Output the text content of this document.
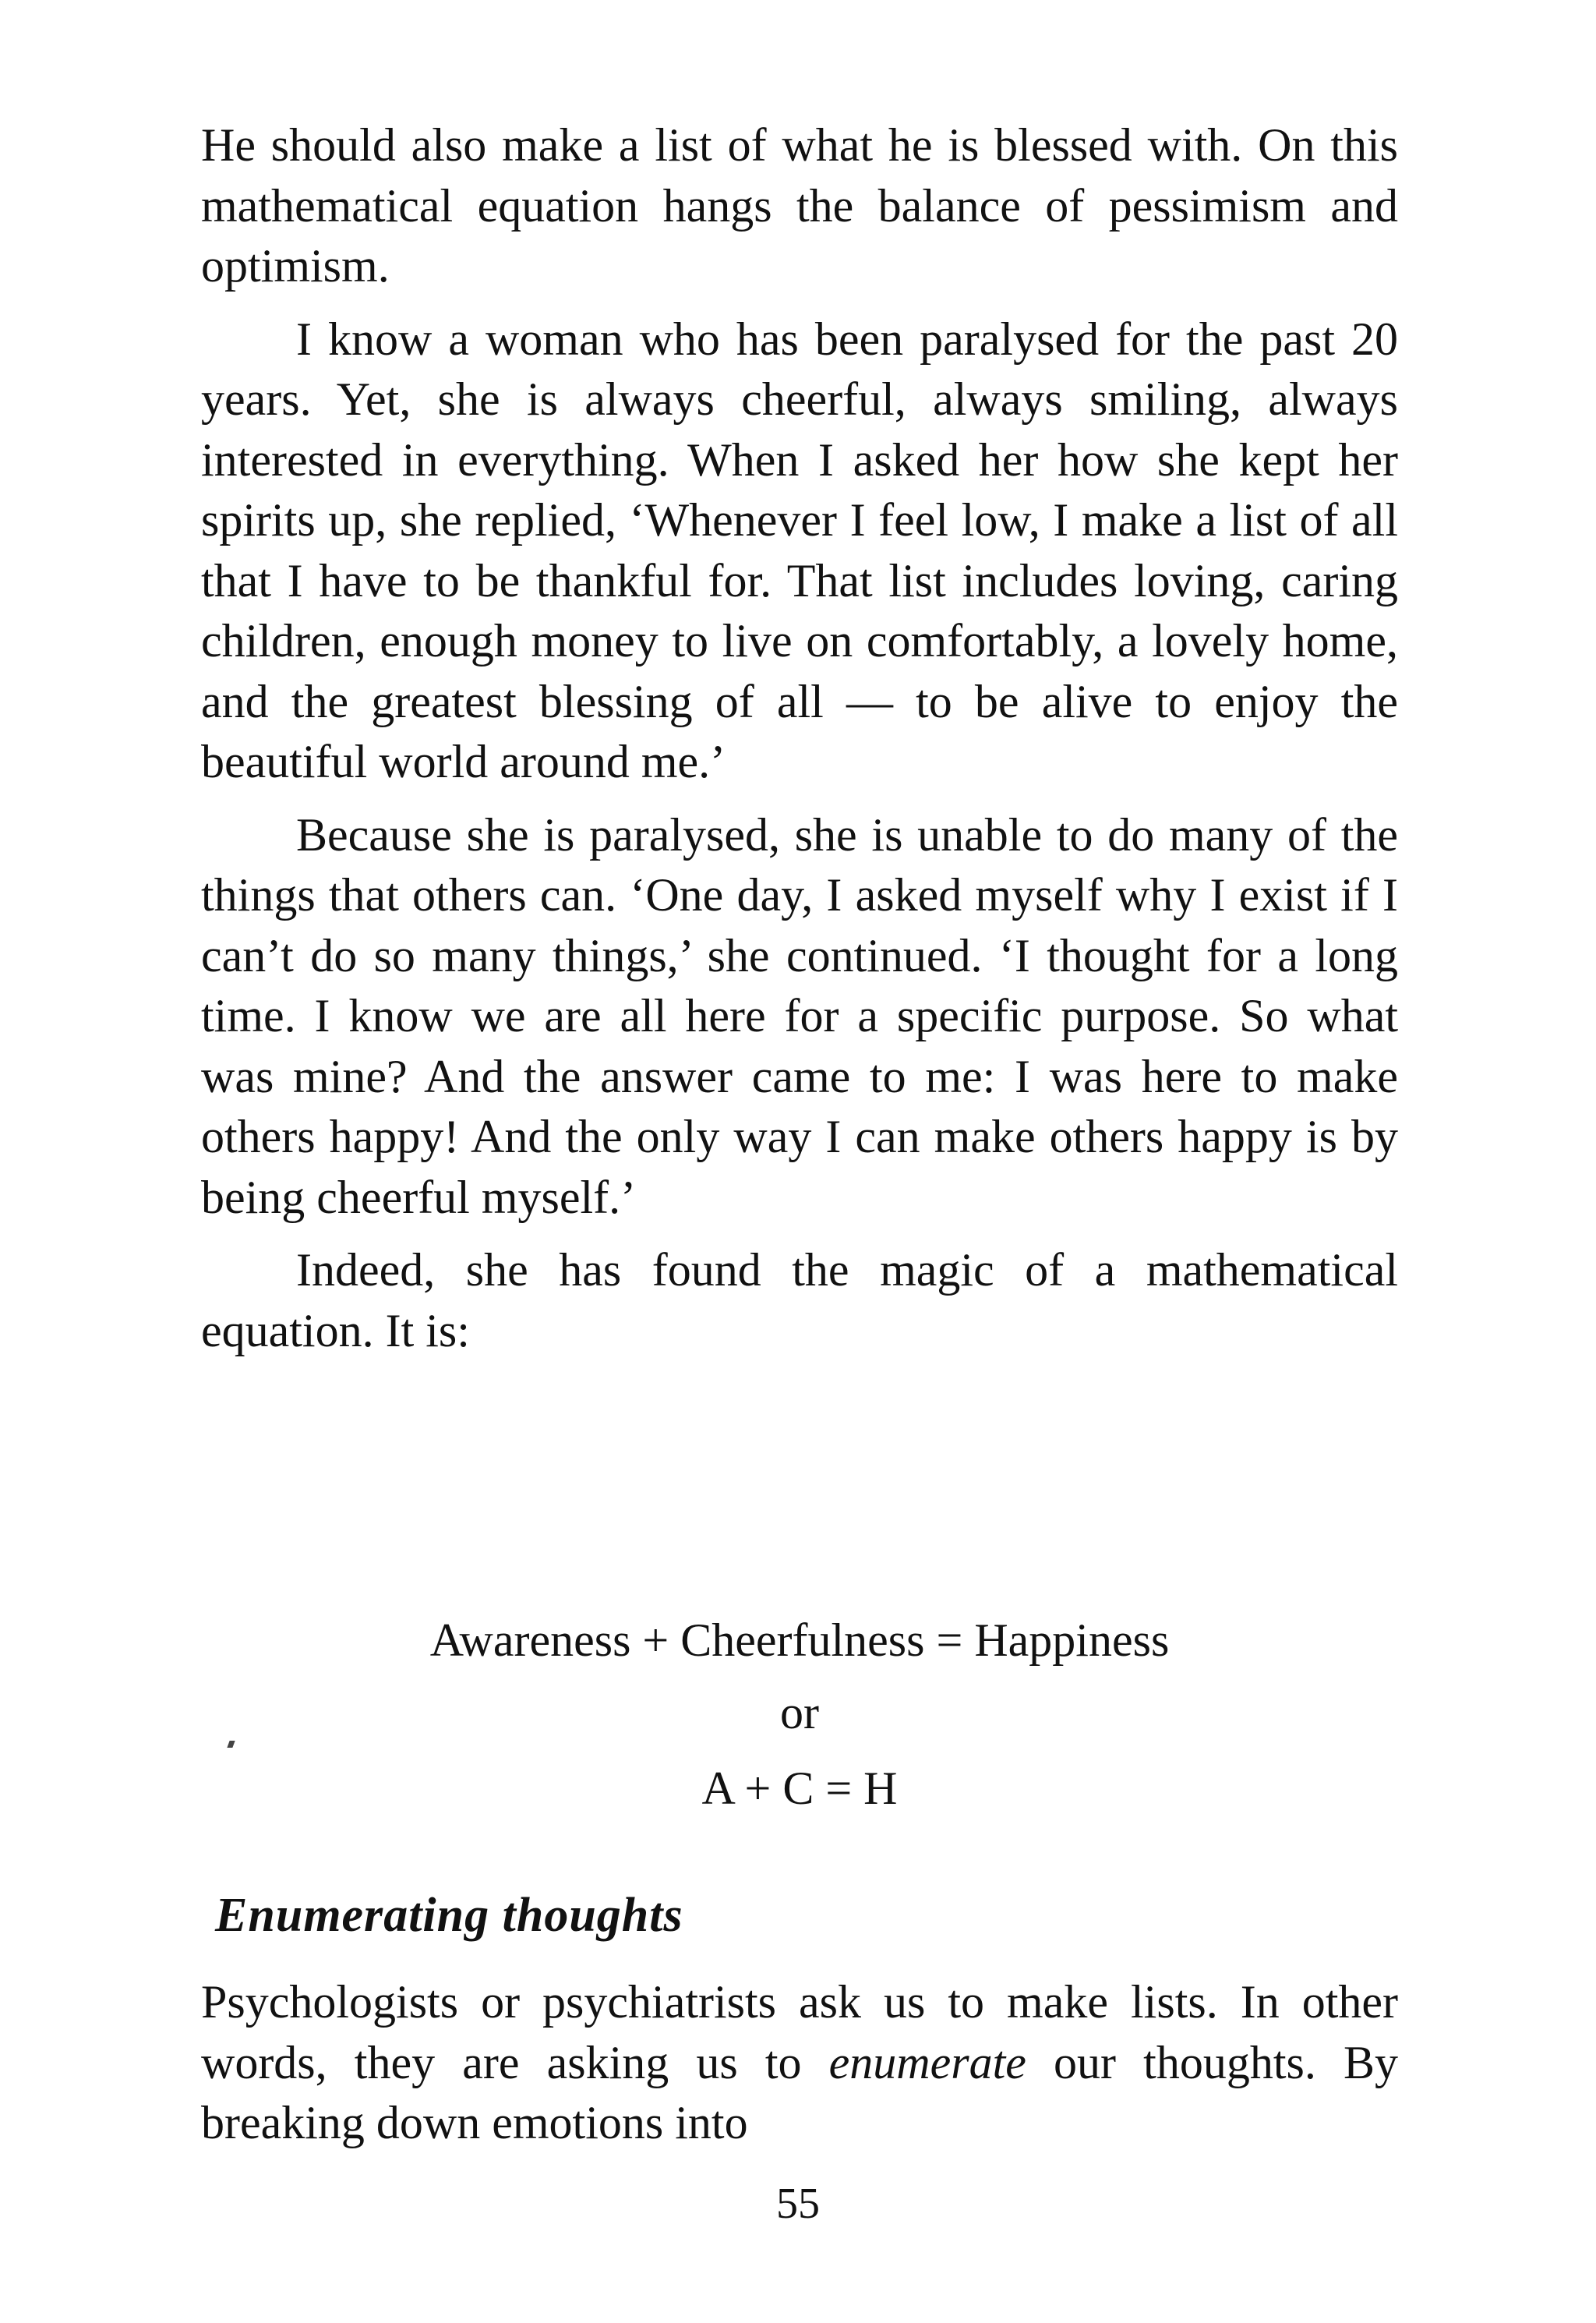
He should also make a list of what he is blessed with. On this mathematical equation hangs the balance of pessimism and optimism.

I know a woman who has been paralysed for the past 20 years. Yet, she is always cheerful, always smiling, always interested in everything. When I asked her how she kept her spirits up, she replied, ‘Whenever I feel low, I make a list of all that I have to be thankful for. That list includes loving, caring children, enough money to live on comfortably, a lovely home, and the greatest blessing of all — to be alive to enjoy the beautiful world around me.’

Because she is paralysed, she is unable to do many of the things that others can. ‘One day, I asked myself why I exist if I can’t do so many things,’ she continued. ‘I thought for a long time. I know we are all here for a specific purpose. So what was mine? And the answer came to me: I was here to make others happy! And the only way I can make others happy is by being cheerful myself.’

Indeed, she has found the magic of a mathematical equation. It is:

Awareness + Cheerfulness = Happiness
or
A + C = H
Enumerating thoughts

Psychologists or psychiatrists ask us to make lists. In other words, they are asking us to enumerate our thoughts. By breaking down emotions into

55
